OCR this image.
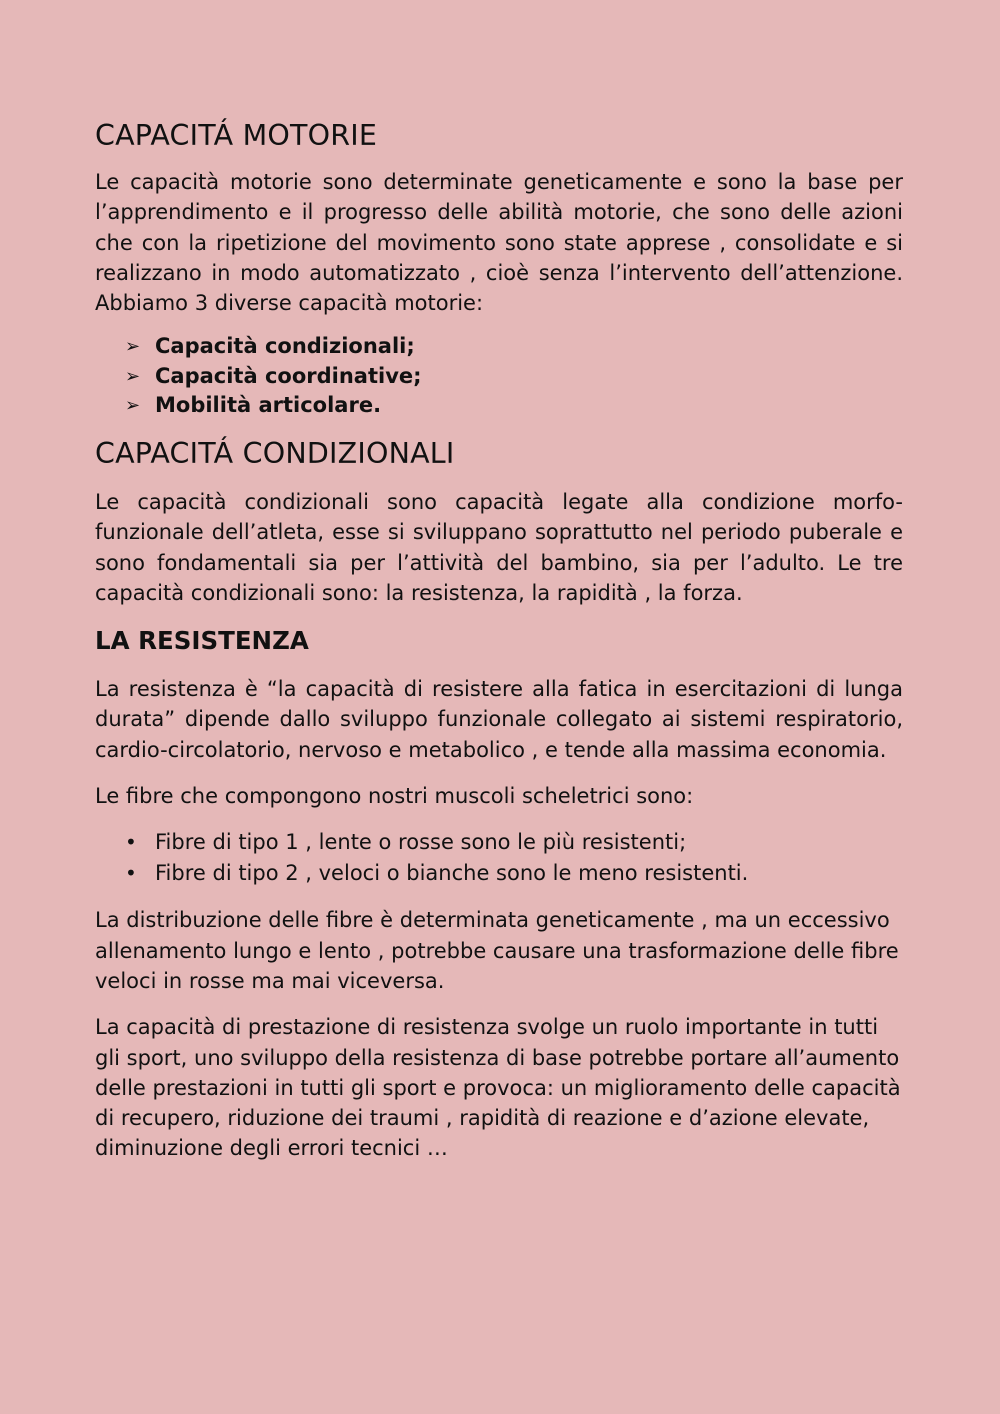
CAPACITÁ MOTORIE

Le capacità motorie sono determinate geneticamente e sono la base per l’apprendimento e il progresso delle abilità motorie, che sono delle azioni che con la ripetizione del movimento sono state apprese , consolidate e si realizzano in modo automatizzato , cioè senza l’intervento dell’attenzione. Abbiamo 3 diverse capacità motorie:

➢ Capacità condizionali;
➢ Capacità coordinative;
➢ Mobilità articolare.
CAPACITÁ CONDIZIONALI

Le capacità condizionali sono capacità legate alla condizione morfo-funzionale dell’atleta, esse si sviluppano soprattutto nel periodo puberale e sono fondamentali sia per l’attività del bambino, sia per l’adulto. Le tre capacità condizionali sono: la resistenza, la rapidità , la forza.

LA RESISTENZA

La resistenza è “la capacità di resistere alla fatica in esercitazioni di lunga durata” dipende dallo sviluppo funzionale collegato ai sistemi respiratorio, cardio-circolatorio, nervoso e metabolico , e tende alla massima economia.

Le fibre che compongono nostri muscoli scheletrici sono:

• Fibre di tipo 1 , lente o rosse sono le più resistenti;
• Fibre di tipo 2 , veloci o bianche sono le meno resistenti.

La distribuzione delle fibre è determinata geneticamente , ma un eccessivo allenamento lungo e lento , potrebbe causare una trasformazione delle fibre veloci in rosse ma mai viceversa.

La capacità di prestazione di resistenza svolge un ruolo importante in tutti gli sport, uno sviluppo della resistenza di base potrebbe portare all’aumento delle prestazioni in tutti gli sport e provoca: un miglioramento delle capacità di recupero, riduzione dei traumi , rapidità di reazione e d’azione elevate, diminuzione degli errori tecnici …
